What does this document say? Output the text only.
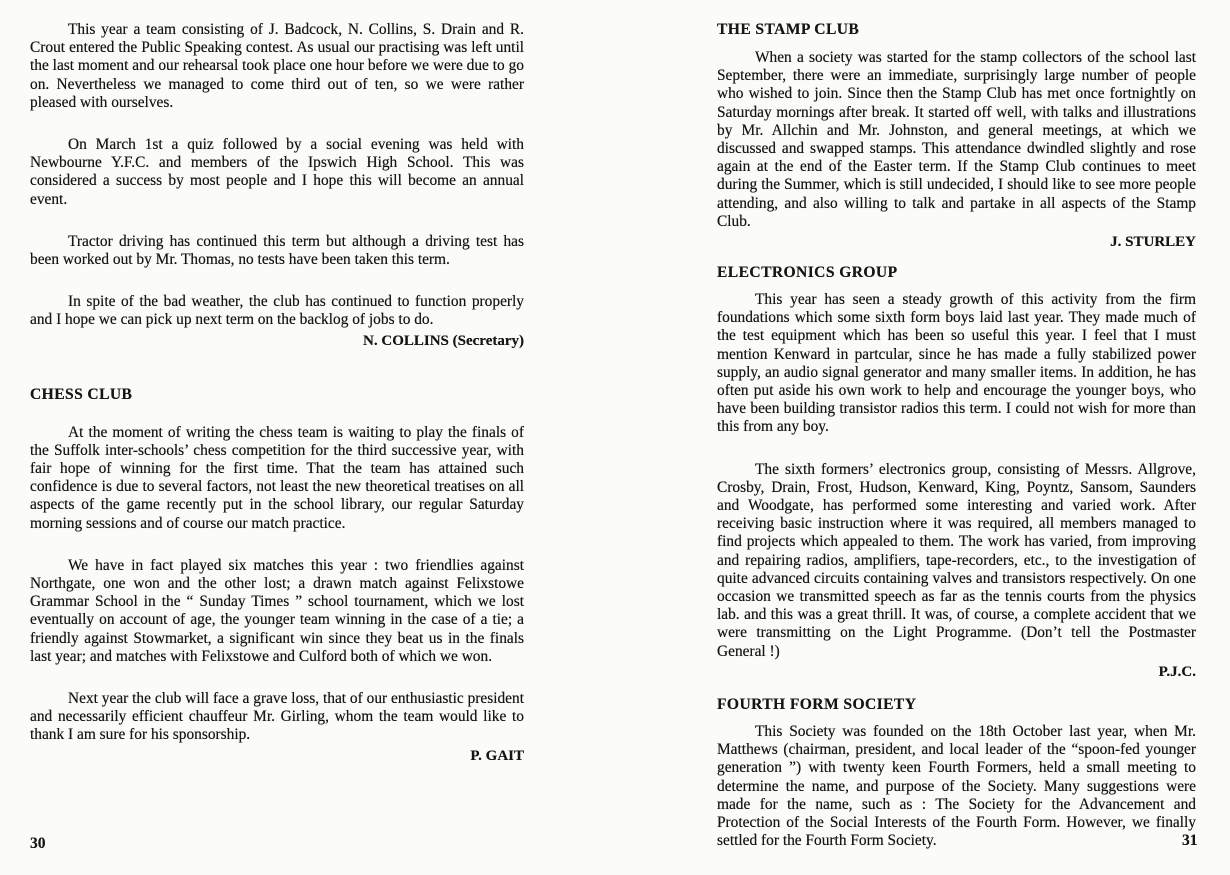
This year a team consisting of J. Badcock, N. Collins, S. Drain and R. Crout entered the Public Speaking contest. As usual our practising was left until the last moment and our rehearsal took place one hour before we were due to go on. Nevertheless we managed to come third out of ten, so we were rather pleased with ourselves.

On March 1st a quiz followed by a social evening was held with Newbourne Y.F.C. and members of the Ipswich High School. This was considered a success by most people and I hope this will become an annual event.

Tractor driving has continued this term but although a driving test has been worked out by Mr. Thomas, no tests have been taken this term.

In spite of the bad weather, the club has continued to function properly and I hope we can pick up next term on the backlog of jobs to do.

N. COLLINS (Secretary)

CHESS CLUB

At the moment of writing the chess team is waiting to play the finals of the Suffolk inter-schools’ chess competition for the third successive year, with fair hope of winning for the first time. That the team has attained such confidence is due to several factors, not least the new theoretical treatises on all aspects of the game recently put in the school library, our regular Saturday morning sessions and of course our match practice.

We have in fact played six matches this year : two friendlies against Northgate, one won and the other lost; a drawn match against Felixstowe Grammar School in the “ Sunday Times ” school tournament, which we lost eventually on account of age, the younger team winning in the case of a tie; a friendly against Stowmarket, a significant win since they beat us in the finals last year; and matches with Felixstowe and Culford both of which we won.

Next year the club will face a grave loss, that of our enthusiastic president and necessarily efficient chauffeur Mr. Girling, whom the team would like to thank I am sure for his sponsorship.

P. GAIT

THE STAMP CLUB

When a society was started for the stamp collectors of the school last September, there were an immediate, surprisingly large number of people who wished to join. Since then the Stamp Club has met once fortnightly on Saturday mornings after break. It started off well, with talks and illustrations by Mr. Allchin and Mr. Johnston, and general meetings, at which we discussed and swapped stamps. This attendance dwindled slightly and rose again at the end of the Easter term. If the Stamp Club continues to meet during the Summer, which is still undecided, I should like to see more people attending, and also willing to talk and partake in all aspects of the Stamp Club.

J. STURLEY

ELECTRONICS GROUP

This year has seen a steady growth of this activity from the firm foundations which some sixth form boys laid last year. They made much of the test equipment which has been so useful this year. I feel that I must mention Kenward in partcular, since he has made a fully stabilized power supply, an audio signal generator and many smaller items. In addition, he has often put aside his own work to help and encourage the younger boys, who have been building transistor radios this term. I could not wish for more than this from any boy.

The sixth formers’ electronics group, consisting of Messrs. Allgrove, Crosby, Drain, Frost, Hudson, Kenward, King, Poyntz, Sansom, Saunders and Woodgate, has performed some interesting and varied work. After receiving basic instruction where it was required, all members managed to find projects which appealed to them. The work has varied, from improving and repairing radios, amplifiers, tape-recorders, etc., to the investigation of quite advanced circuits containing valves and transistors respectively. On one occasion we transmitted speech as far as the tennis courts from the physics lab. and this was a great thrill. It was, of course, a complete accident that we were transmitting on the Light Programme. (Don’t tell the Postmaster General !)

P.J.C.

FOURTH FORM SOCIETY

This Society was founded on the 18th October last year, when Mr. Matthews (chairman, president, and local leader of the “spoon-fed younger generation ”) with twenty keen Fourth Formers, held a small meeting to determine the name, and purpose of the Society. Many suggestions were made for the name, such as : The Society for the Advancement and Protection of the Social Interests of the Fourth Form. However, we finally settled for the Fourth Form Society.

30	31
